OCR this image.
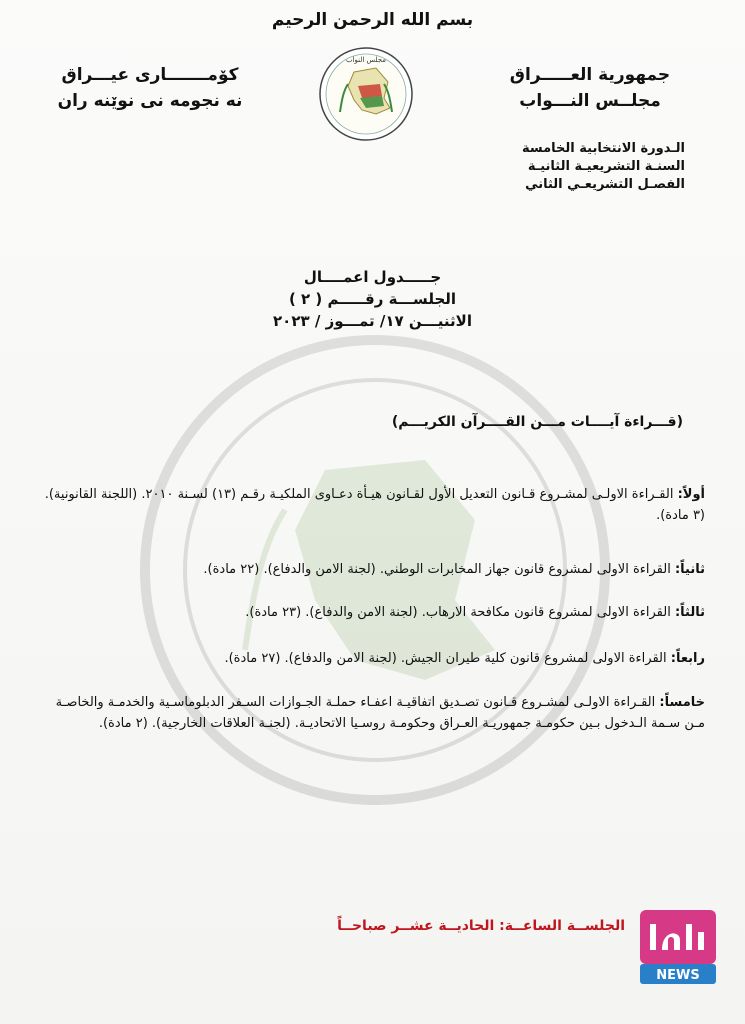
بسم الله الرحمن الرحيم
جمهورية العـــــراق
مجلــس النـــواب
مجلس النواب
كۆمـــــــارى عيـــراق
نه نجومه نى نوێنه ران
الـدورة الانتخابية الخامسة
السنـة التشريعيـة الثانيـة
الفصـل التشريعـي الثاني
جـــــدول اعمــــال
الجلســـة رقـــــم ( ٢ )
الاثنيـــن ١٧/ تمـــوز / ٢٠٢٣
(قـــراءة آيــــات مـــن القــــرآن الكريـــم)
أولاً: القـراءة الاولـى لمشـروع قـانون التعديل الأول لقـانون هيـأة دعـاوى الملكيـة رقـم (١٣) لسـنة ٢٠١٠. (اللجنة القانونية). (٣ مادة).
ثانياً: القراءة الاولى لمشروع قانون جهاز المخابرات الوطني. (لجنة الامن والدفاع). (٢٢ مادة).
ثالثاً: القراءة الاولى لمشروع قانون مكافحة الارهاب. (لجنة الامن والدفاع). (٢٣ مادة).
رابعاً: القراءة الاولى لمشروع قانون كلية طيران الجيش. (لجنة الامن والدفاع). (٢٧ مادة).
خامساً: القـراءة الاولـى لمشـروع قـانون تصـديق اتفاقيـة اعفـاء حملـة الجـوازات السـفر الدبلوماسـية والخدمـة والخاصـة مـن سـمة الـدخول بـين حكومـة جمهوريـة العـراق وحكومـة روسـيا الاتحاديـة. (لجنـة العلاقات الخارجية). (٢ مادة).
الجلســة الساعــة: الحاديــة عشــر صباحــاً
NEWS
